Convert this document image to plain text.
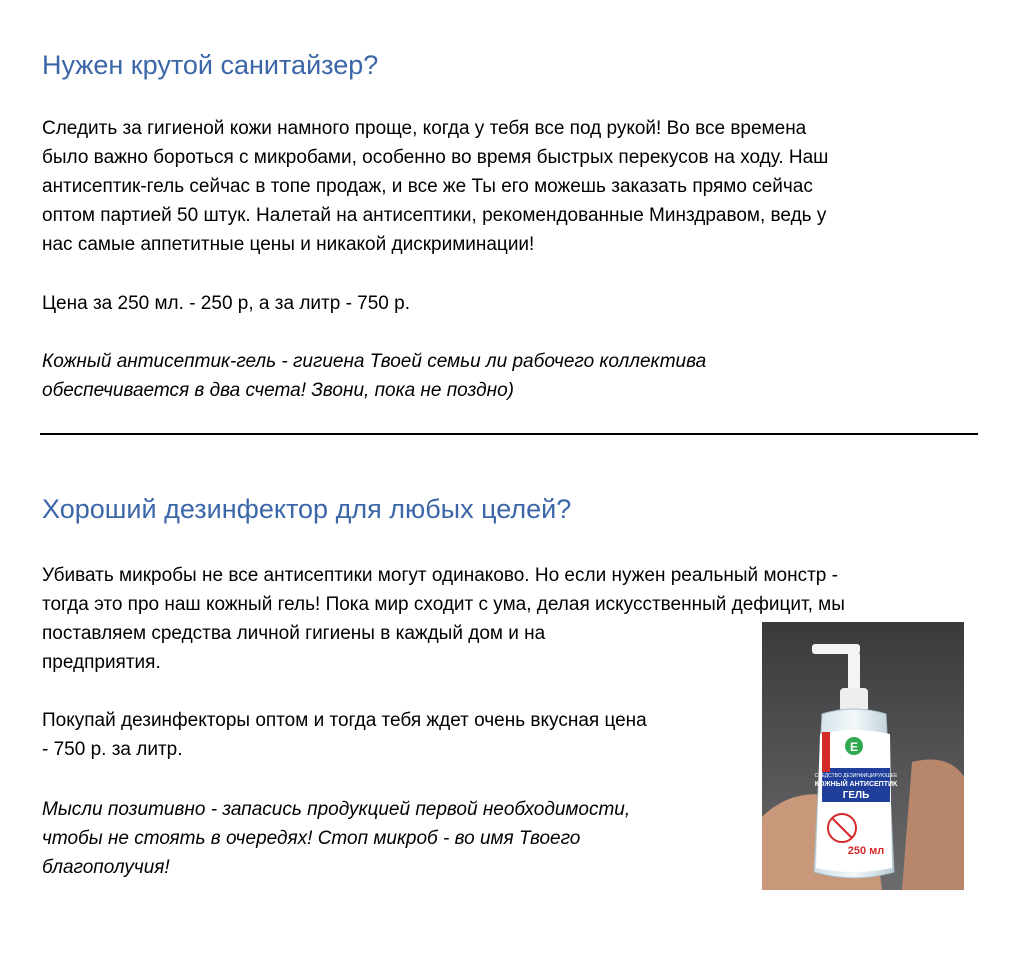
Нужен крутой санитайзер?

Следить за гигиеной кожи намного проще, когда у тебя все под рукой! Во все времена
было важно бороться с микробами, особенно во время быстрых перекусов на ходу. Наш
антисептик-гель сейчас в топе продаж, и все же Ты его можешь заказать прямо сейчас
оптом партией 50 штук. Налетай на антисептики, рекомендованные Минздравом, ведь у
нас самые аппетитные цены и никакой дискриминации!

Цена за 250 мл. - 250 р, а за литр - 750 р.

Кожный антисептик-гель - гигиена Твоей семьи ли рабочего коллектива
обеспечивается в два счета! Звони, пока не поздно)

Хороший дезинфектор для любых целей?

Убивать микробы не все антисептики могут одинаково. Но если нужен реальный монстр -
тогда это про наш кожный гель! Пока мир сходит с ума, делая искусственный дефицит, мы
поставляем средства личной гигиены в каждый дом и на
предприятия.

Покупай дезинфекторы оптом и тогда тебя ждет очень вкусная цена
- 750 р. за литр.

Мысли позитивно - запасись продукцией первой необходимости,
чтобы не стоять в очередях! Стоп микроб - во имя Твоего
благополучия!

E
СРЕДСТВО ДЕЗИНФИЦИРУЮЩЕЕ
КОЖНЫЙ АНТИСЕПТИК
ГЕЛЬ
250 мл
